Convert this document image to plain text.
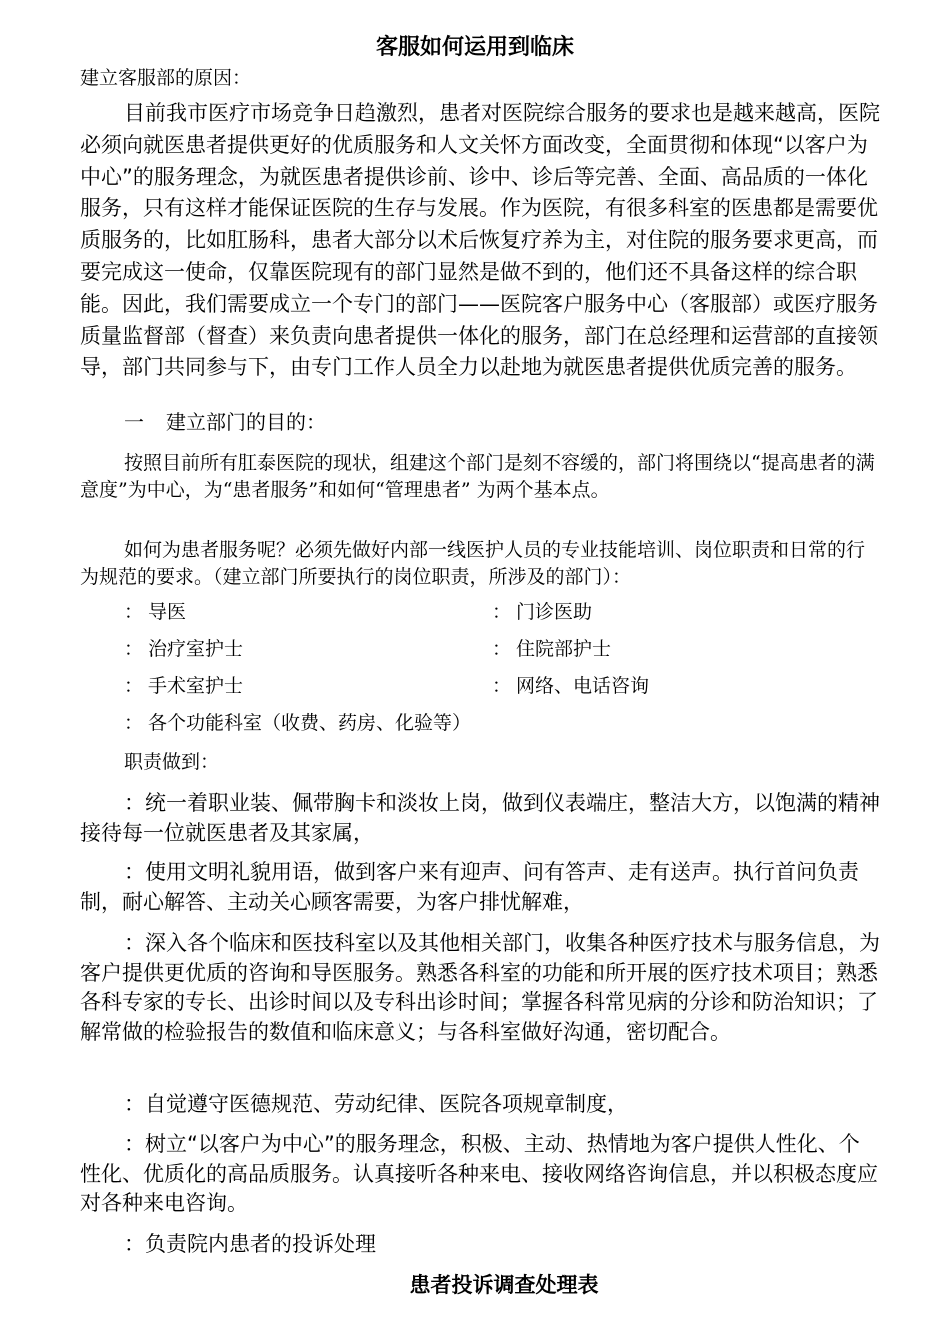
客服如何运用到临床
建立客服部的原因：

目前我市医疗市场竞争日趋激烈，患者对医院综合服务的要求也是越来越高，医院必须向就医患者提供更好的优质服务和人文关怀方面改变，全面贯彻和体现“以客户为中心”的服务理念，为就医患者提供诊前、诊中、诊后等完善、全面、高品质的一体化服务，只有这样才能保证医院的生存与发展。作为医院，有很多科室的医患都是需要优质服务的，比如肛肠科，患者大部分以术后恢复疗养为主，对住院的服务要求更高，而要完成这一使命，仅靠医院现有的部门显然是做不到的，他们还不具备这样的综合职能。因此，我们需要成立一个专门的部门——医院客户服务中心（客服部）或医疗服务质量监督部（督查）来负责向患者提供一体化的服务，部门在总经理和运营部的直接领导，部门共同参与下，由专门工作人员全力以赴地为就医患者提供优质完善的服务。

一 建立部门的目的：

按照目前所有肛泰医院的现状，组建这个部门是刻不容缓的，部门将围绕以“提高患者的满意度”为中心，为“患者服务”和如何“管理患者” 为两个基本点。

如何为患者服务呢？必须先做好内部一线医护人员的专业技能培训、岗位职责和日常的行为规范的要求。（建立部门所要执行的岗位职责，所涉及的部门）：

： 导医	： 门诊医助
： 治疗室护士	： 住院部护士
： 手术室护士	： 网络、电话咨询
： 各个功能科室（收费、药房、化验等）
职责做到：

：统一着职业装、佩带胸卡和淡妆上岗，做到仪表端庄，整洁大方，以饱满的精神接待每一位就医患者及其家属，

：使用文明礼貌用语，做到客户来有迎声、问有答声、走有送声。执行首问负责制，耐心解答、主动关心顾客需要，为客户排忧解难，

：深入各个临床和医技科室以及其他相关部门，收集各种医疗技术与服务信息，为客户提供更优质的咨询和导医服务。熟悉各科室的功能和所开展的医疗技术项目；熟悉各科专家的专长、出诊时间以及专科出诊时间；掌握各科常见病的分诊和防治知识；了解常做的检验报告的数值和临床意义；与各科室做好沟通，密切配合。

：自觉遵守医德规范、劳动纪律、医院各项规章制度，

：树立“以客户为中心”的服务理念，积极、主动、热情地为客户提供人性化、个性化、优质化的高品质服务。认真接听各种来电、接收网络咨询信息，并以积极态度应对各种来电咨询。

：负责院内患者的投诉处理

患者投诉调查处理表
